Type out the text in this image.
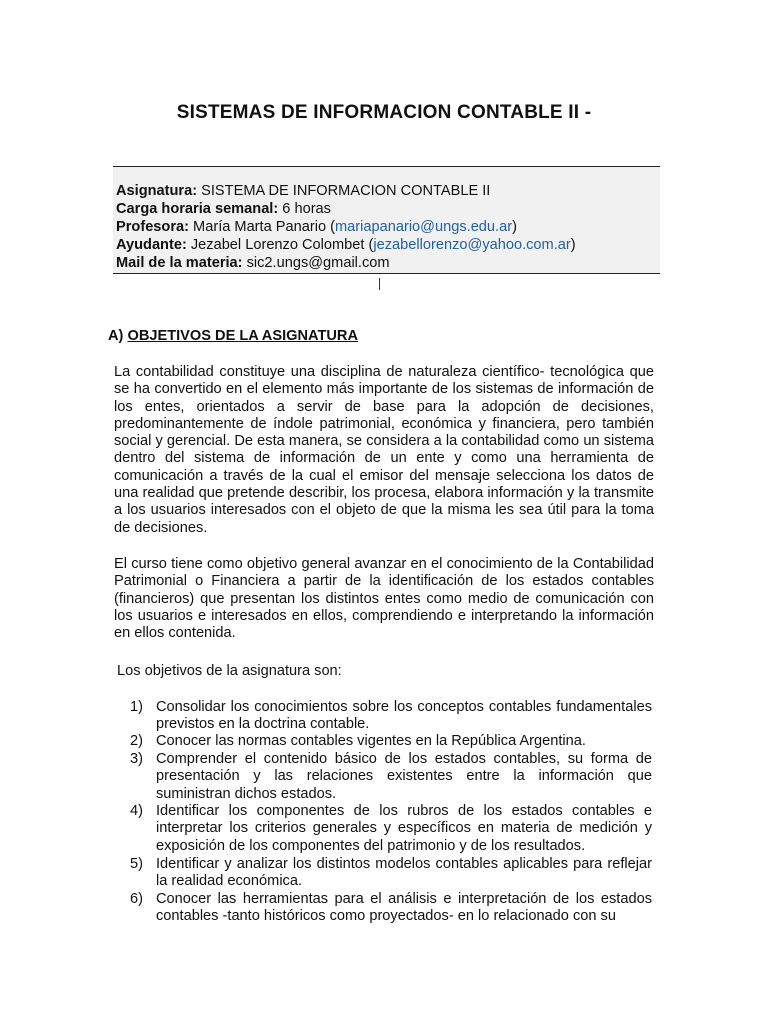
SISTEMAS DE INFORMACION CONTABLE II -
Asignatura: SISTEMA DE INFORMACION CONTABLE II
Carga horaria semanal: 6 horas
Profesora: María Marta Panario (mariapanario@ungs.edu.ar)
Ayudante: Jezabel Lorenzo Colombet (jezabellorenzo@yahoo.com.ar)
Mail de la materia: sic2.ungs@gmail.com
A) OBJETIVOS DE LA ASIGNATURA
La contabilidad constituye una disciplina de naturaleza científico- tecnológica que se ha convertido en el elemento más importante de los sistemas de información de los entes, orientados a servir de base para la adopción de decisiones, predominantemente de índole patrimonial, económica y financiera, pero también social y gerencial. De esta manera, se considera a la contabilidad como un sistema dentro del sistema de información de un ente y como una herramienta de comunicación a través de la cual el emisor del mensaje selecciona los datos de una realidad que pretende describir, los procesa, elabora información y la transmite a los usuarios interesados con el objeto de que la misma les sea útil para la toma de decisiones.
El curso tiene como objetivo general avanzar en el conocimiento de la Contabilidad Patrimonial o Financiera a partir de la identificación de los estados contables (financieros) que presentan los distintos entes como medio de comunicación con los usuarios e interesados en ellos, comprendiendo e interpretando la información en ellos contenida.
Los objetivos de la asignatura son:
1) Consolidar los conocimientos sobre los conceptos contables fundamentales previstos en la doctrina contable.
2) Conocer las normas contables vigentes en la República Argentina.
3) Comprender el contenido básico de los estados contables, su forma de presentación y las relaciones existentes entre la información que suministran dichos estados.
4) Identificar los componentes de los rubros de los estados contables e interpretar los criterios generales y específicos en materia de medición y exposición de los componentes del patrimonio y de los resultados.
5) Identificar y analizar los distintos modelos contables aplicables para reflejar la realidad económica.
6) Conocer las herramientas para el análisis e interpretación de los estados contables -tanto históricos como proyectados- en lo relacionado con su
